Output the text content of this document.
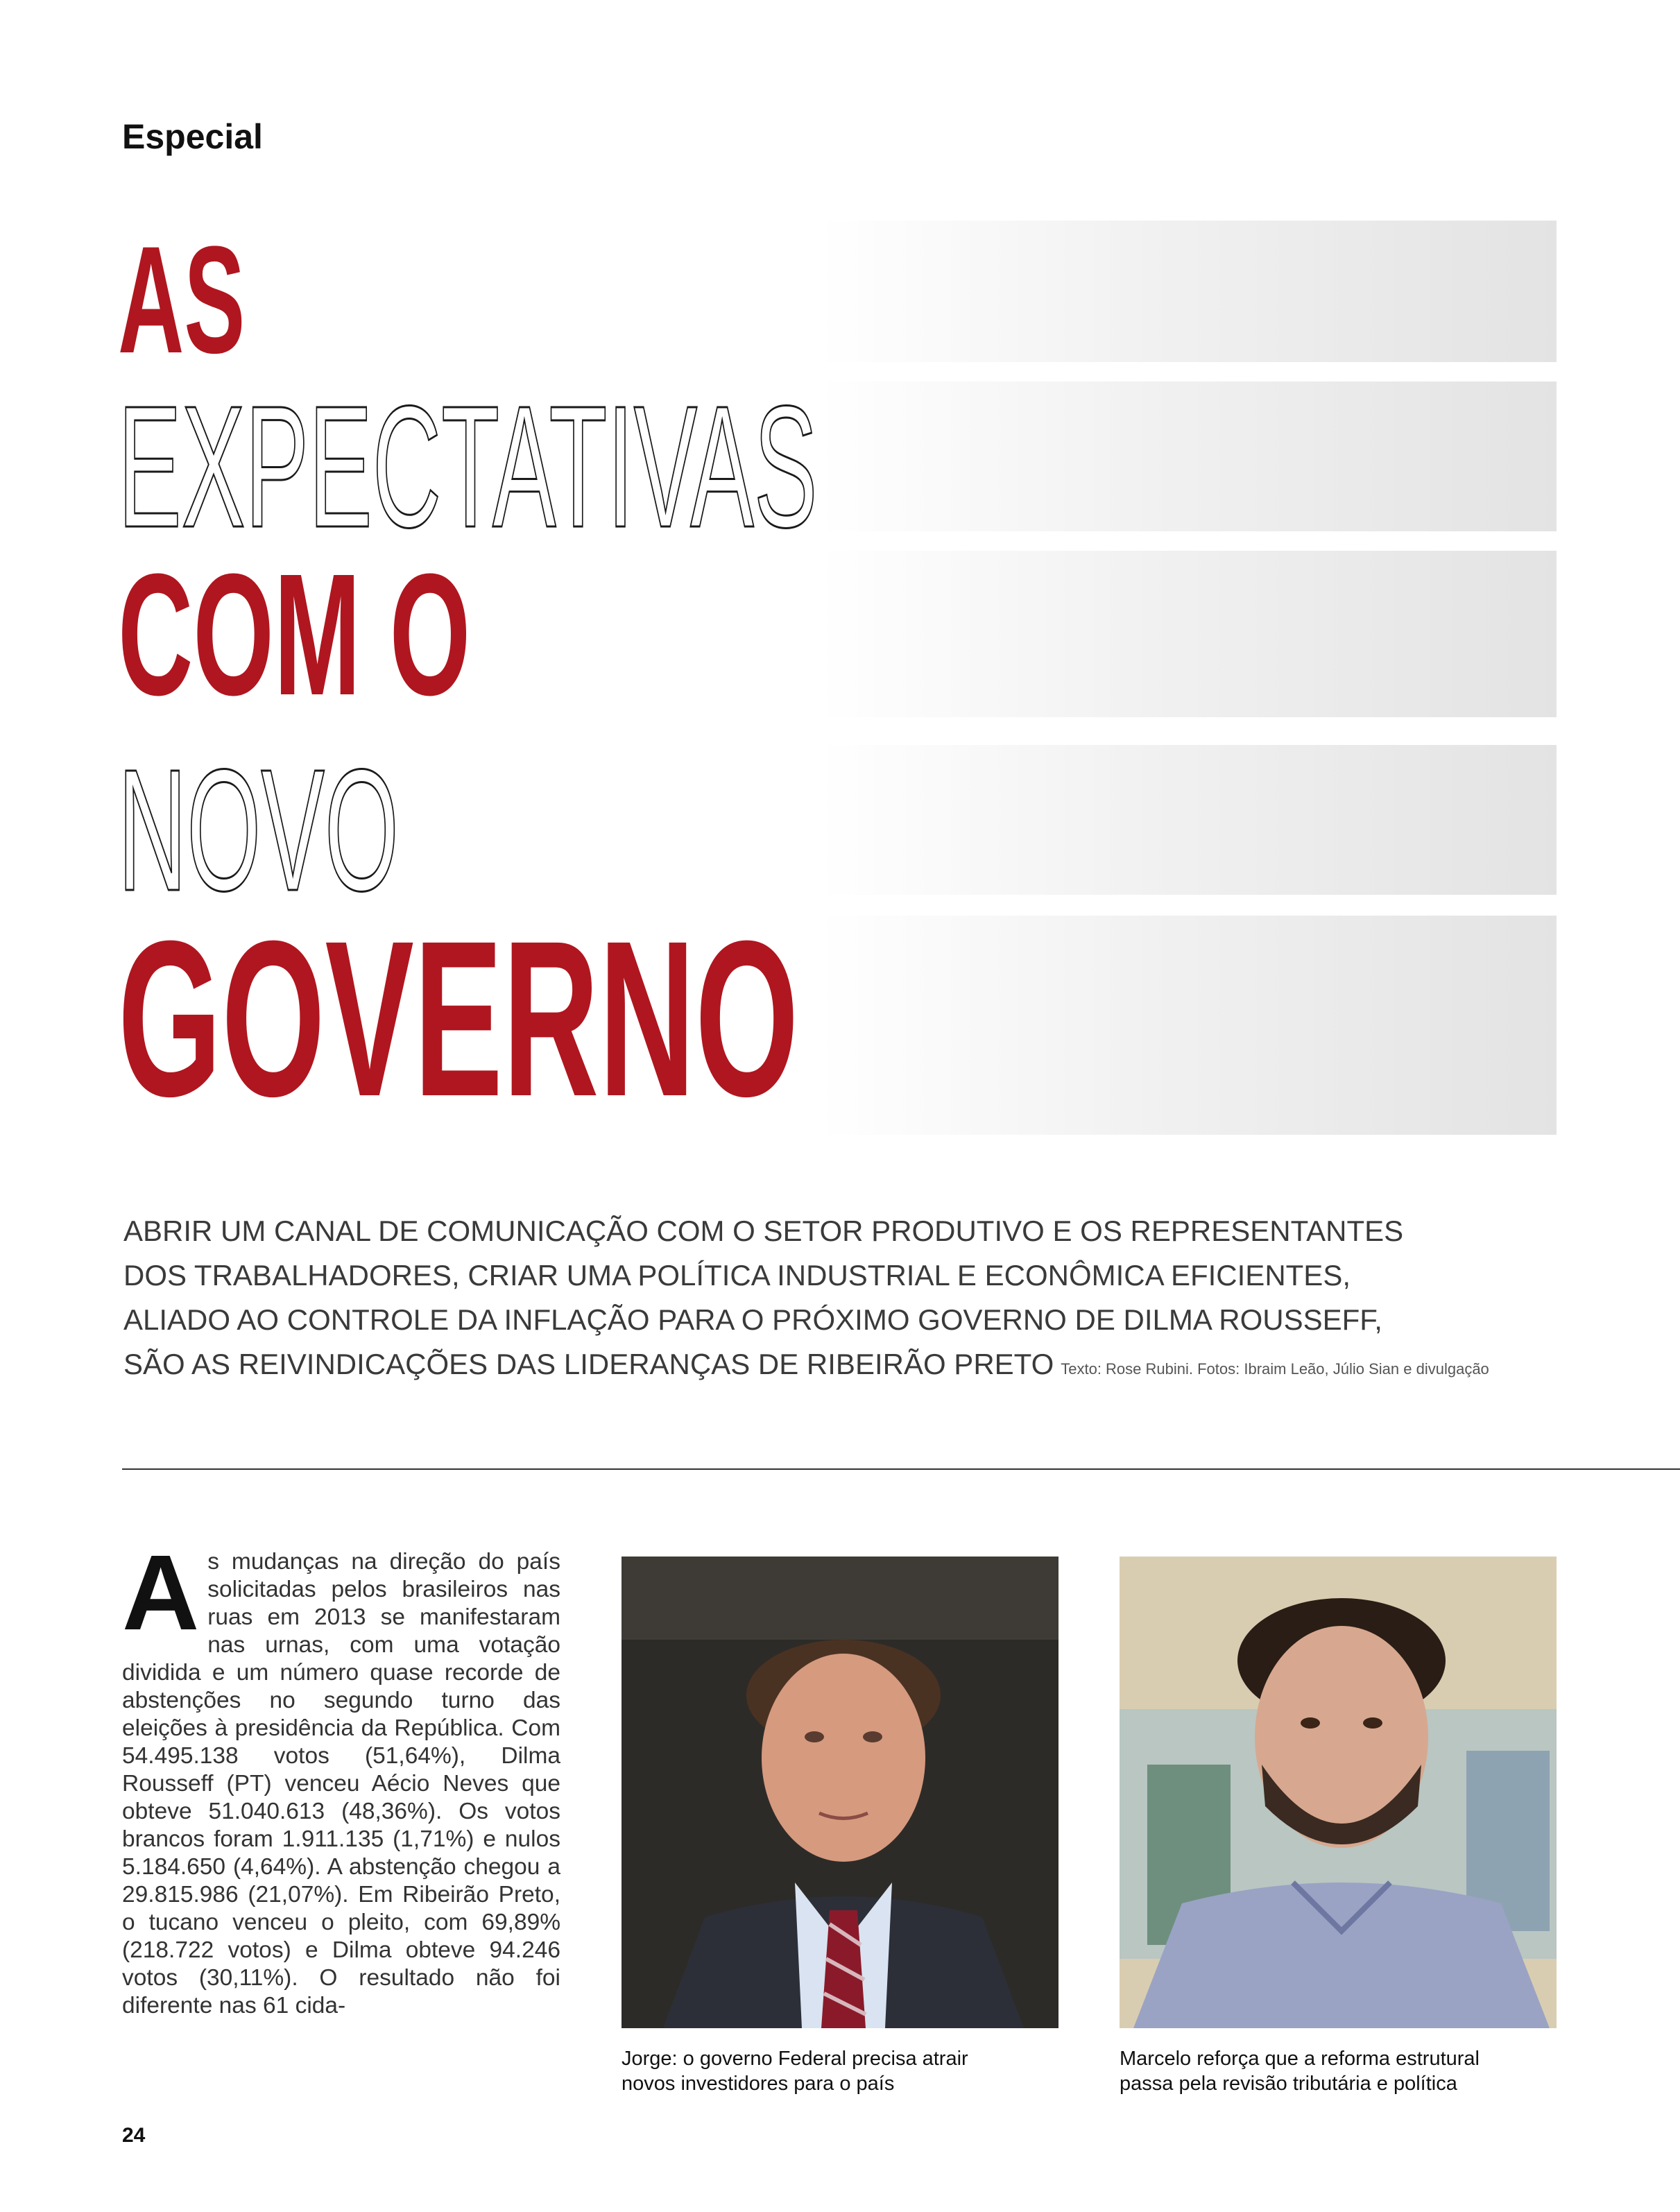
Especial
AS
EXPECTATIVAS
COM O
NOVO
GOVERNO
ABRIR UM CANAL DE COMUNICAÇÃO COM O SETOR PRODUTIVO E OS REPRESENTANTES
DOS TRABALHADORES, CRIAR UMA POLÍTICA INDUSTRIAL E ECONÔMICA EFICIENTES,
ALIADO AO CONTROLE DA INFLAÇÃO PARA O PRÓXIMO GOVERNO DE DILMA ROUSSEFF,
SÃO AS REIVINDICAÇÕES DAS LIDERANÇAS DE RIBEIRÃO PRETO Texto: Rose Rubini. Fotos: Ibraim Leão, Júlio Sian e divulgação
As mudanças na direção do país solicitadas pelos brasileiros nas ruas em 2013 se manifestaram nas urnas, com uma votação dividida e um número quase recorde de abstenções no segundo turno das eleições à presidência da República. Com 54.495.138 votos (51,64%), Dilma Rousseff (PT) venceu Aécio Neves que obteve 51.040.613 (48,36%). Os votos brancos foram 1.911.135 (1,71%) e nulos 5.184.650 (4,64%). A abstenção chegou a 29.815.986 (21,07%). Em Ribeirão Preto, o tucano venceu o pleito, com 69,89% (218.722 votos) e Dilma obteve 94.246 votos (30,11%). O resultado não foi diferente nas 61 cida-
Jorge: o governo Federal precisa atrair
novos investidores para o país
Marcelo reforça que a reforma estrutural
passa pela revisão tributária e política
24
